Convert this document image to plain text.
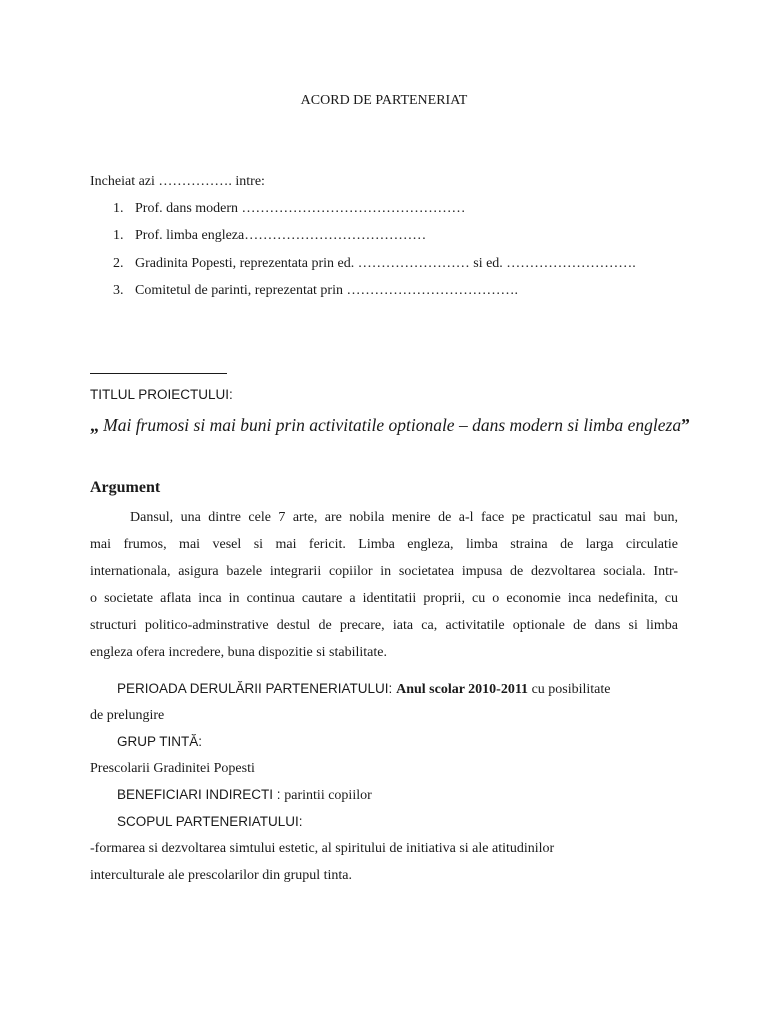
ACORD DE PARTENERIAT
Incheiat azi ……………. intre:
1. Prof. dans modern …………………………………………
1. Prof. limba engleza…………………………………
2. Gradinita Popesti, reprezentata prin ed. …………………… si ed. ……………………….
3. Comitetul de parinti, reprezentat prin ……………………………….
TITLUL PROIECTULUI:
„ Mai frumosi si mai buni prin activitatile optionale – dans modern si limba engleza”
Argument
Dansul, una dintre cele 7 arte, are nobila menire de a-l face pe practicatul sau mai bun,
mai frumos, mai vesel si mai fericit. Limba engleza, limba straina de larga circulatie
internationala, asigura bazele integrarii copiilor in societatea impusa de dezvoltarea sociala. Intr-
o societate aflata inca in continua cautare a identitatii proprii, cu o economie inca nedefinita, cu
structuri politico-adminstrative destul de precare, iata ca, activitatile optionale de dans si limba
engleza ofera incredere, buna dispozitie si stabilitate.
PERIOADA DERULĂRII PARTENERIATULUI: Anul scolar 2010-2011 cu posibilitate
de prelungire
GRUP TINTĂ:
Prescolarii Gradinitei Popesti
BENEFICIARI INDIRECTI : parintii copiilor
SCOPUL PARTENERIATULUI:
-formarea si dezvoltarea simtului estetic, al spiritului de initiativa si ale atitudinilor
interculturale ale prescolarilor din grupul tinta.
